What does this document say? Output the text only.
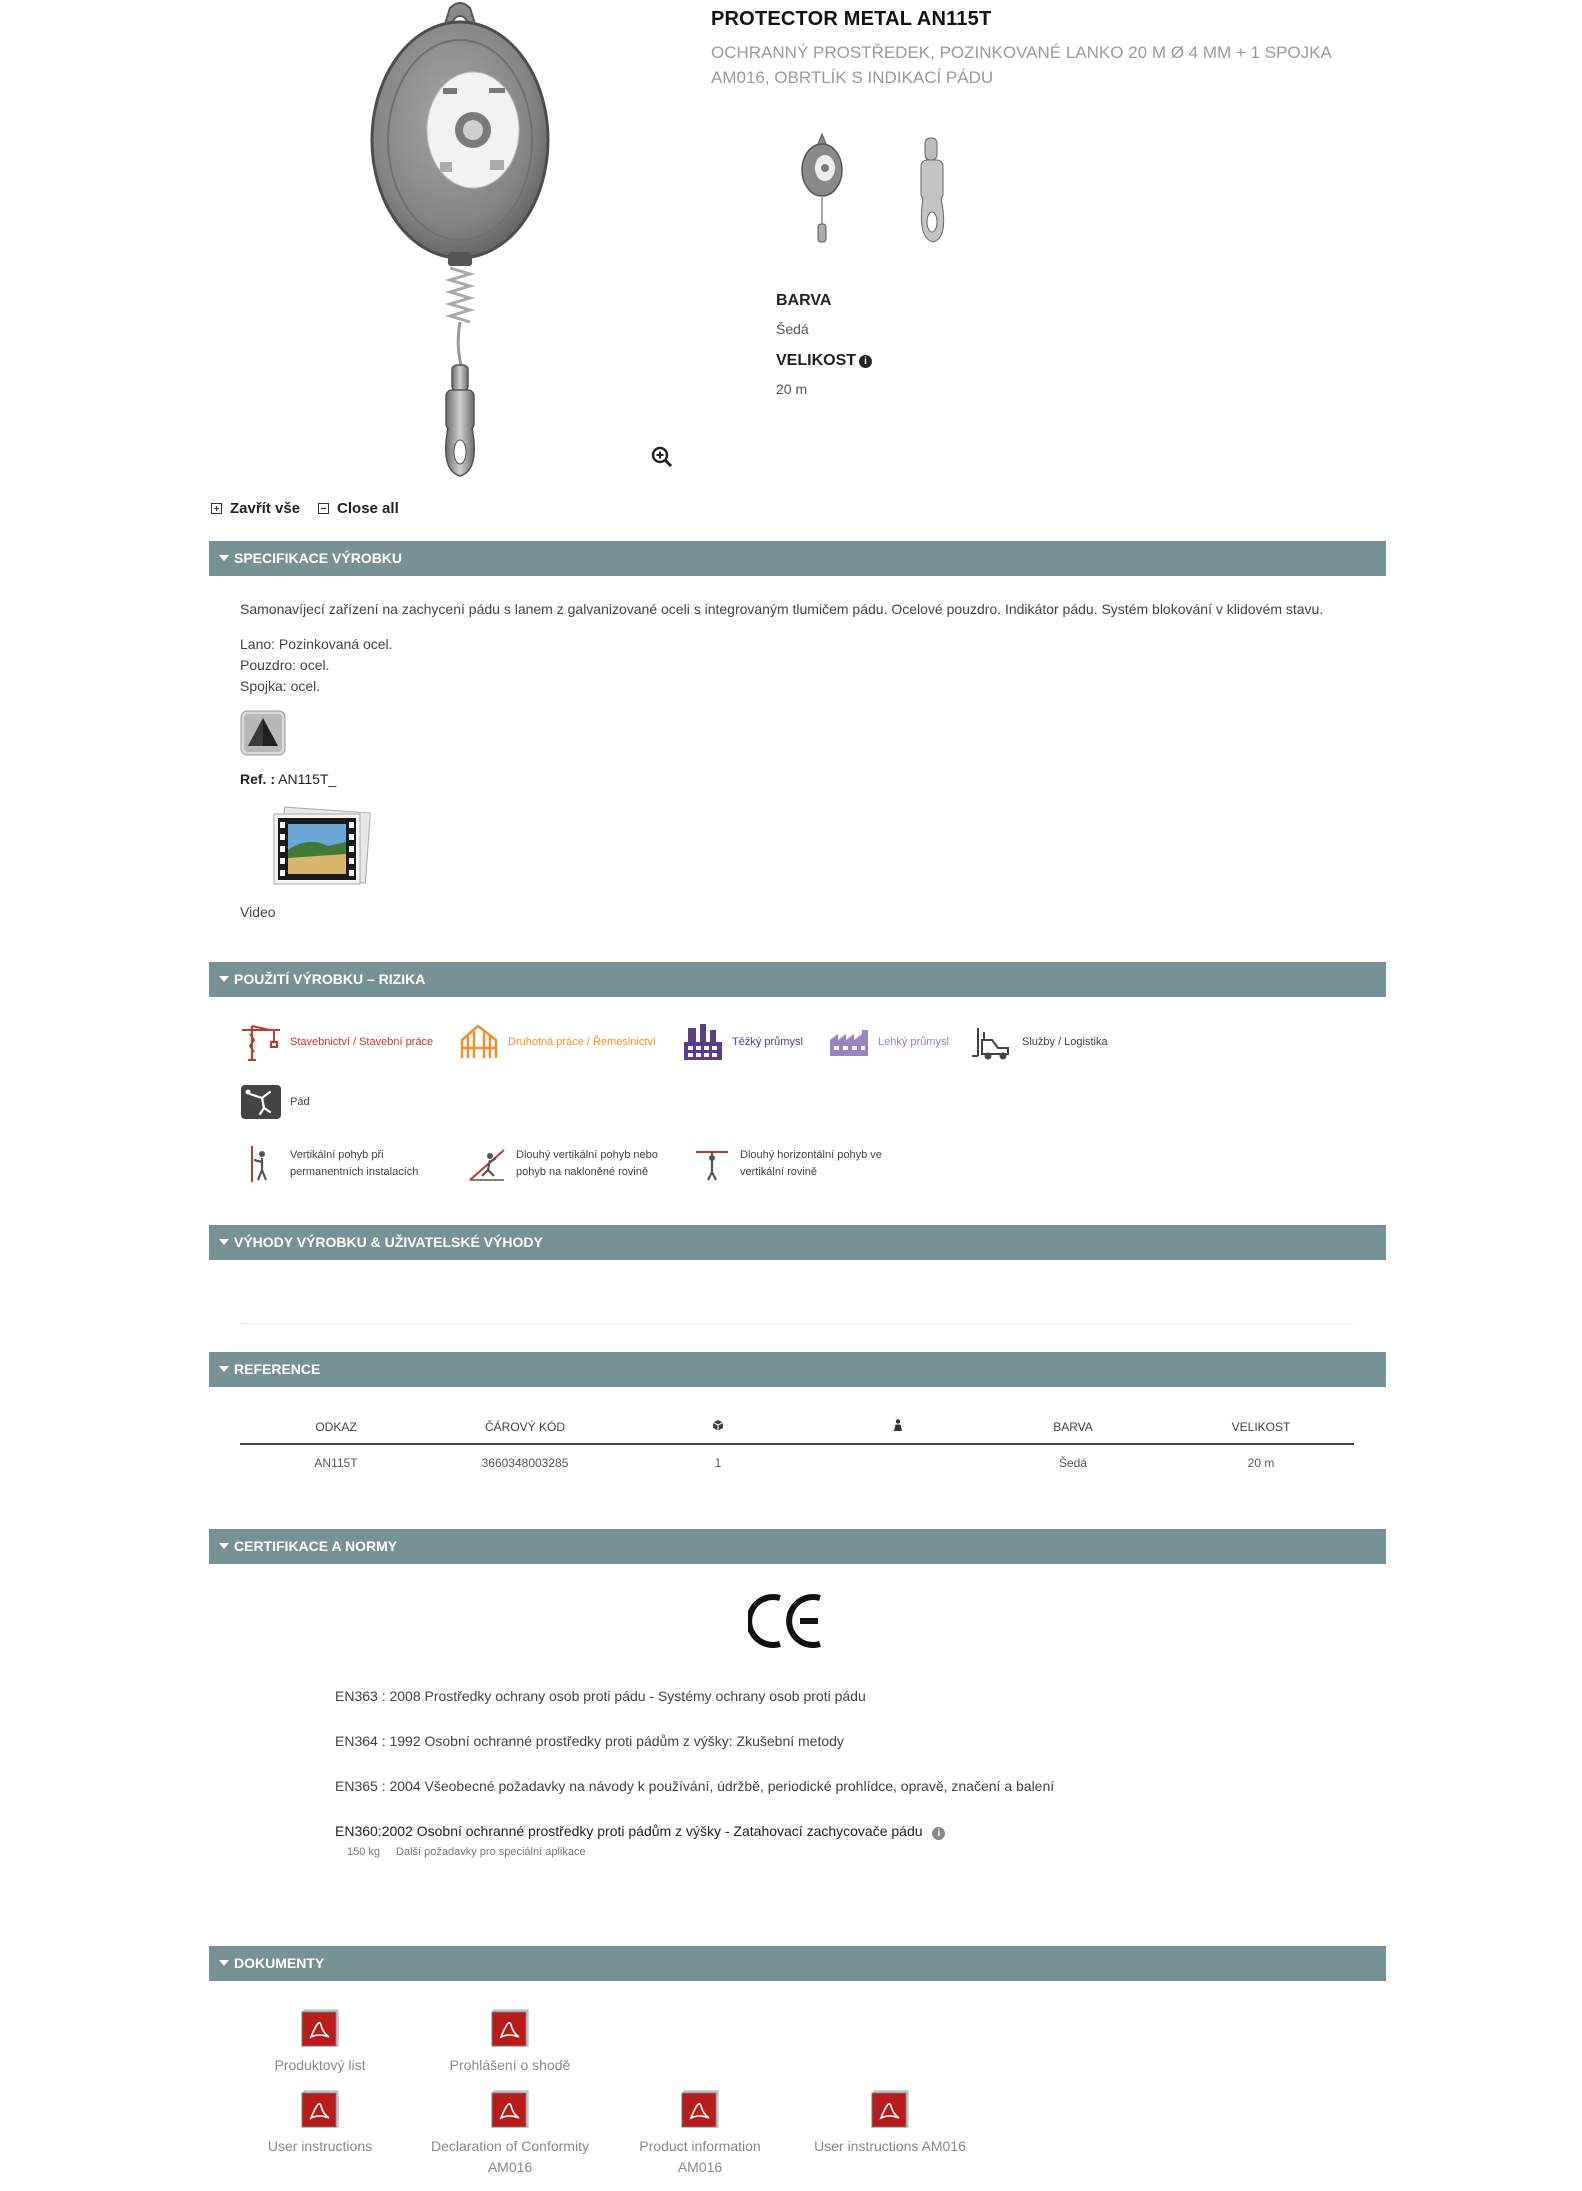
PROTECTOR METAL AN115T
OCHRANNÝ PROSTŘEDEK, POZINKOVANÉ LANKO 20 M Ø 4 MM + 1 SPOJKA AM016, OBRTLÍK S INDIKACÍ PÁDU
BARVA
Šedá
VELIKOST i
20 m
Zavřít vše Close all
SPECIFIKACE VÝROBKU
Samonavíjecí zařízení na zachycení pádu s lanem z galvanizované oceli s integrovaným tlumičem pádu. Ocelové pouzdro. Indikátor pádu. Systém blokování v klidovém stavu.
Lano: Pozinkovaná ocel.
Pouzdro: ocel.
Spojka: ocel.
Ref. : AN115T_
Video
POUŽITÍ VÝROBKU – RIZIKA
Stavebnictví / Stavební práce	Druhotná práce / Řemeslnictví	Těžký průmysl	Lehký průmysl	Služby / Logistika
Pád
Vertikální pohyb při
permanentních instalacích
Dlouhý vertikální pohyb nebo
pohyb na nakloněné rovině
Dlouhý horizontální pohyb ve
vertikální rovině
VÝHODY VÝROBKU & UŽIVATELSKÉ VÝHODY
REFERENCE
ODKAZ	ČÁROVÝ KÓD			BARVA	VELIKOST
AN115T	3660348003285	1		Šedá	20 m
CERTIFIKACE A NORMY
EN363 : 2008 Prostředky ochrany osob proti pádu - Systémy ochrany osob proti pádu
EN364 : 1992 Osobní ochranné prostředky proti pádům z výšky: Zkušební metody
EN365 : 2004 Všeobecné požadavky na návody k používání, údržbě, periodické prohlídce, opravě, značení a balení
EN360:2002 Osobní ochranné prostředky proti pádům z výšky - Zatahovací zachycovače pádu i
150 kg Další požadavky pro speciální aplikace
DOKUMENTY
Produktový list	Prohlášení o shodě
User instructions	Declaration of Conformity
AM016
Product information
AM016
User instructions AM016
